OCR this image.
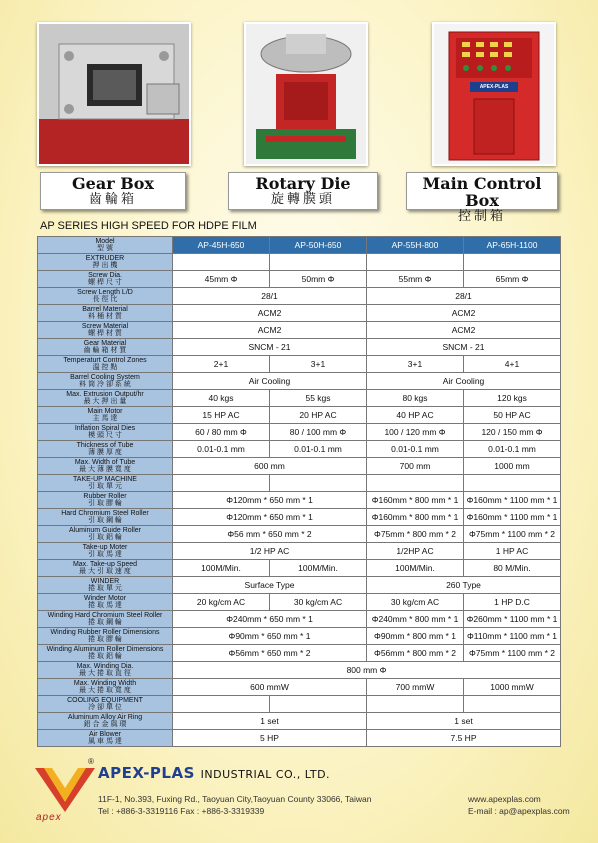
APEX-PLAS
Gear Box
齒輪箱
Rotary Die
旋轉膜頭
Main Control Box
控制箱
AP SERIES HIGH SPEED FOR HDPE FILM
Model
型 號	AP-45H-650	AP-50H-650	AP-55H-800	AP-65H-1100

EXTRUDER
押 出 機				

Screw Dia.
螺 桿 尺 寸	45mm Φ	50mm Φ	55mm Φ	65mm Φ

Screw Length L/D
長 徑 比	28/1		28/1	

Barrel Material
料 桶 材 質	ACM2		ACM2	

Screw Material
螺 桿 材 質	ACM2		ACM2	

Gear Material
齒 輪 箱 材 質	SNCM - 21		SNCM - 21	

Temperaturt Control Zones
溫 控 點	2+1	3+1	3+1	4+1

Barrel Cooling System
料 筒 冷 卻 系 統	Air Cooling		Air Cooling	

Max. Extrusion Output/hr
最 大 押 出 量	40 kgs	55 kgs	80 kgs	120 kgs

Main Motor
主 馬 達	15 HP AC	20 HP AC	40 HP AC	50 HP AC

Inflation Spiral Dies
模 頭 尺 寸	60 / 80 mm Φ	80 / 100 mm Φ	100 / 120 mm Φ	120 / 150 mm Φ

Thickness of Tube
薄 膜 厚 度	0.01-0.1 mm	0.01-0.1 mm	0.01-0.1 mm	0.01-0.1 mm

Max. Width of Tube
最 大 薄 膜 寬 度	600 mm		700 mm	1000 mm

TAKE-UP MACHINE
引 取 單 元				

Rubber Roller
引 取 膠 輪	Φ120mm * 650 mm * 1		Φ160mm * 800 mm * 1	Φ160mm * 1100 mm * 1

Hard Chromium Steel Roller
引 取 鋼 輪	Φ120mm * 650 mm * 1		Φ160mm * 800 mm * 1	Φ160mm * 1100 mm * 1

Aluminum Guide Roller
引 取 鋁 輪	Φ56 mm * 650 mm * 2		Φ75mm * 800 mm * 2	Φ75mm * 1100 mm * 2

Take-up Moter
引 取 馬 達	1/2 HP AC		1/2HP AC	1 HP AC

Max. Take-up Speed
最 大 引 取 速 度	100M/Min.	100M/Min.	100M/Min.	80 M/Min.

WINDER
捲 取 單 元	Surface Type		260 Type	

Winder Motor
捲 取 馬 達	20 kg/cm AC	30 kg/cm AC	30 kg/cm AC	1 HP D.C

Winding Hard Chromium Steel Roller
捲 取 鋼 輪	Φ240mm * 650 mm * 1		Φ240mm * 800 mm * 1	Φ260mm * 1100 mm * 1

Winding Rubber Roller Dimensions
捲 取 膠 輪	Φ90mm * 650 mm * 1		Φ90mm * 800 mm * 1	Φ110mm * 1100 mm * 1

Winding Aluminum Roller Dimensions
捲 取 鋁 輪	Φ56mm * 650 mm * 2		Φ56mm * 800 mm * 2	Φ75mm * 1100 mm * 2

Max. Winding Dia.
最 大 捲 取 直 徑	800 mm Φ			

Max. Winding Width
最 大 捲 取 寬 度	600 mmW		700 mmW	1000 mmW

COOLING EQUIPMENT
冷 卻 單 位				

Aluminum Alloy Air Ring
鋁 合 金 風 環	1 set		1 set	

Air Blower
風 車 馬 達	5 HP		7.5 HP	
®
apex
APEX-PLAS INDUSTRIAL CO., LTD.
11F-1, No.393, Fuxing Rd., Taoyuan City,Taoyuan County 33066, Taiwan
Tel : +886-3-3319116 Fax : +886-3-3319339
www.apexplas.com
E-mail : ap@apexplas.com
